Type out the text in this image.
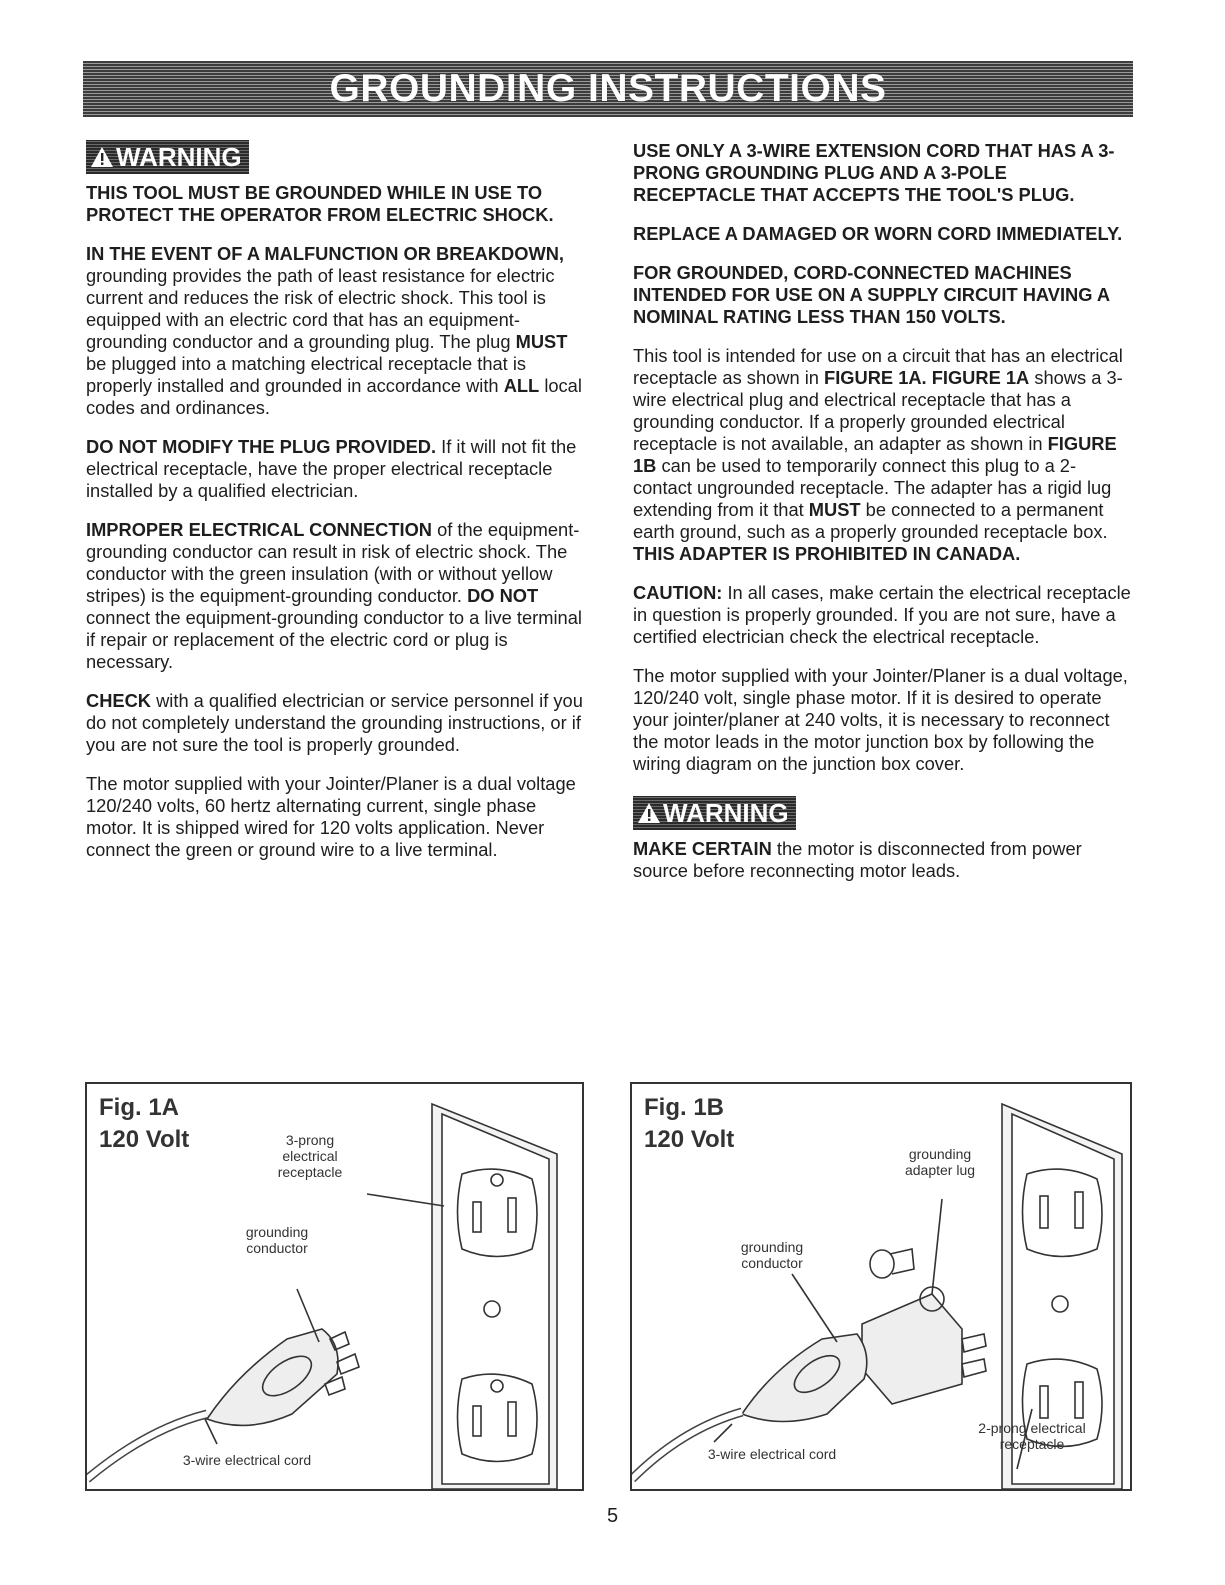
GROUNDING INSTRUCTIONS
WARNING

THIS TOOL MUST BE GROUNDED WHILE IN USE TO PROTECT THE OPERATOR FROM ELECTRIC SHOCK.

IN THE EVENT OF A MALFUNCTION OR BREAKDOWN, grounding provides the path of least resistance for electric current and reduces the risk of electric shock. This tool is equipped with an electric cord that has an equipment-grounding conductor and a grounding plug. The plug MUST be plugged into a matching electrical receptacle that is properly installed and grounded in accordance with ALL local codes and ordinances.

DO NOT MODIFY THE PLUG PROVIDED. If it will not fit the electrical receptacle, have the proper electrical receptacle installed by a qualified electrician.

IMPROPER ELECTRICAL CONNECTION of the equipment-grounding conductor can result in risk of electric shock. The conductor with the green insulation (with or without yellow stripes) is the equipment-grounding conductor. DO NOT connect the equipment-grounding conductor to a live terminal if repair or replacement of the electric cord or plug is necessary.

CHECK with a qualified electrician or service personnel if you do not completely understand the grounding instructions, or if you are not sure the tool is properly grounded.

The motor supplied with your Jointer/Planer is a dual voltage 120/240 volts, 60 hertz alternating current, single phase motor. It is shipped wired for 120 volts application. Never connect the green or ground wire to a live terminal.

USE ONLY A 3-WIRE EXTENSION CORD THAT HAS A 3-PRONG GROUNDING PLUG AND A 3-POLE RECEPTACLE THAT ACCEPTS THE TOOL'S PLUG.

REPLACE A DAMAGED OR WORN CORD IMMEDIATELY.

FOR GROUNDED, CORD-CONNECTED MACHINES INTENDED FOR USE ON A SUPPLY CIRCUIT HAVING A NOMINAL RATING LESS THAN 150 VOLTS.

This tool is intended for use on a circuit that has an electrical receptacle as shown in FIGURE 1A. FIGURE 1A shows a 3-wire electrical plug and electrical receptacle that has a grounding conductor. If a properly grounded electrical receptacle is not available, an adapter as shown in FIGURE 1B can be used to temporarily connect this plug to a 2-contact ungrounded receptacle. The adapter has a rigid lug extending from it that MUST be connected to a permanent earth ground, such as a properly grounded receptacle box. THIS ADAPTER IS PROHIBITED IN CANADA.

CAUTION: In all cases, make certain the electrical receptacle in question is properly grounded. If you are not sure, have a certified electrician check the electrical receptacle.

The motor supplied with your Jointer/Planer is a dual voltage, 120/240 volt, single phase motor. If it is desired to operate your jointer/planer at 240 volts, it is necessary to reconnect the motor leads in the motor junction box by following the wiring diagram on the junction box cover.

WARNING

MAKE CERTAIN the motor is disconnected from power source before reconnecting motor leads.

Fig. 1A
120 Volt	3-prong electrical receptacle
grounding conductor
3-wire electrical cord
Fig. 1B
120 Volt
grounding adapter lug
grounding conductor
3-wire electrical cord
2-prong electrical receptacle
5
